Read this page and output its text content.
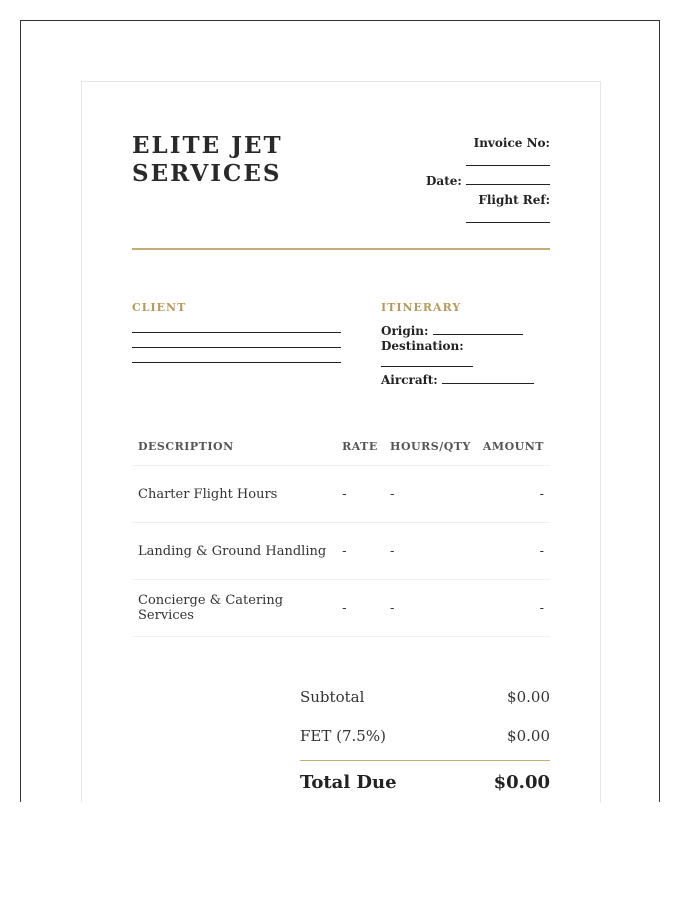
ELITE JET SERVICES
Invoice No:
Date:
Flight Ref:
CLIENT	ITINERARY
Origin:
Destination:
Aircraft:
DESCRIPTION	RATE	HOURS/QTY	AMOUNT
Charter Flight Hours	-	-	-
Landing & Ground Handling	-	-	-
Concierge & Catering Services	-	-	-
Subtotal	$0.00
FET (7.5%)	$0.00
Total Due	$0.00
